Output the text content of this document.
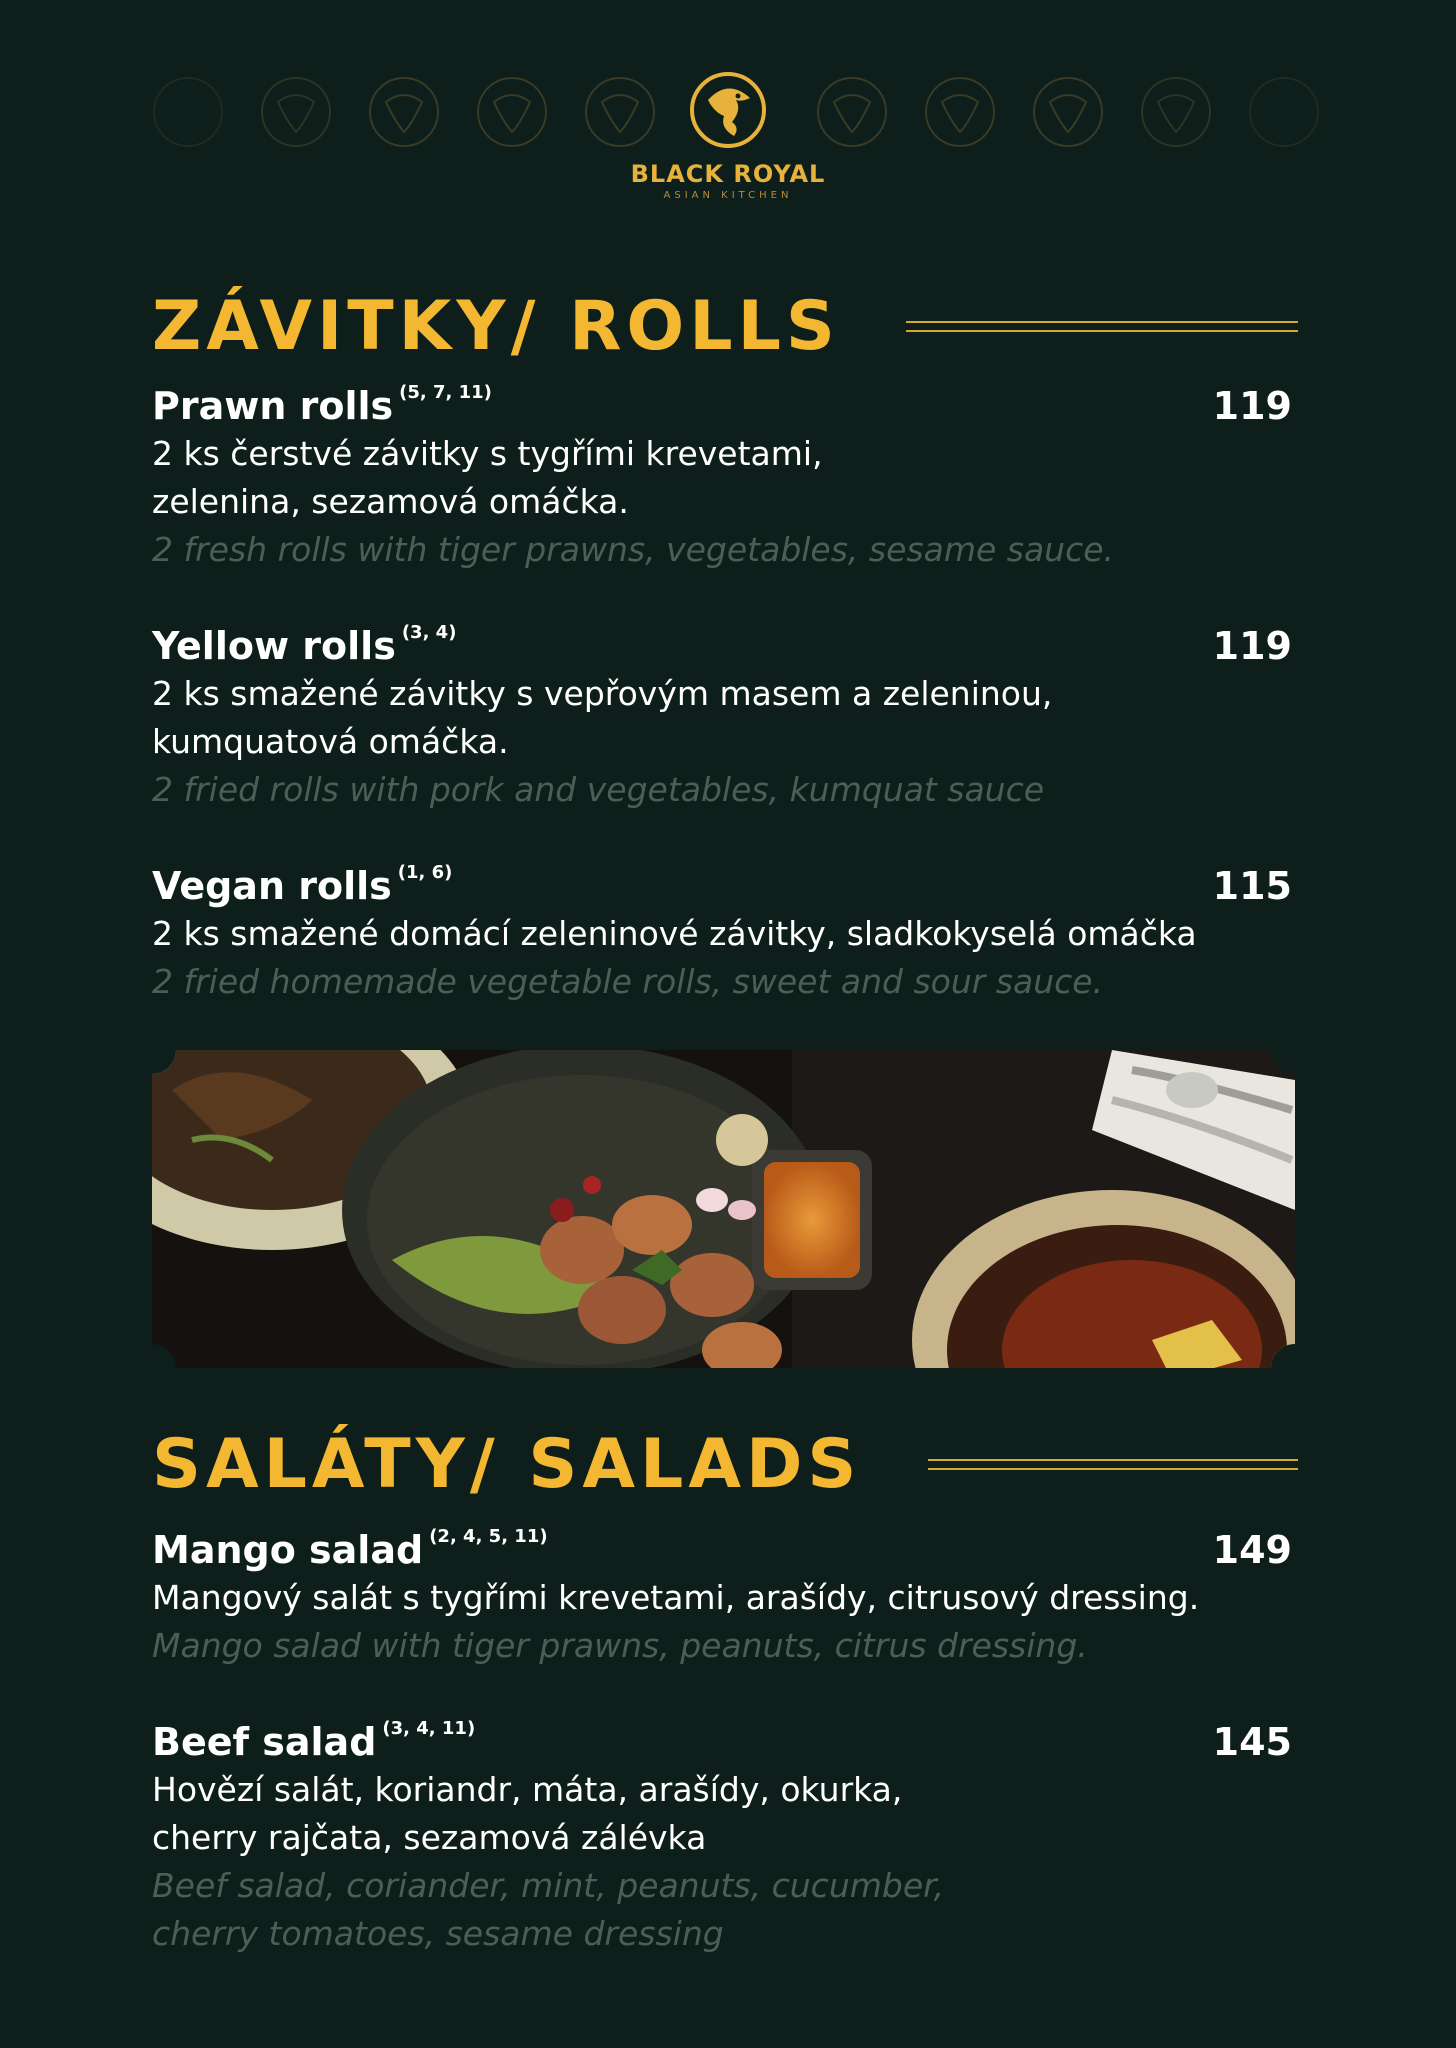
BLACK ROYAL
ASIAN KITCHEN
ZÁVITKY/ ROLLS
Prawn rolls $^{(5, 7, 11)}$	119
2 ks čerstvé závitky s tygřími krevetami,
zelenina, sezamová omáčka.
2 fresh rolls with tiger prawns, vegetables, sesame sauce.
Yellow rolls $^{(3, 4)}$	119
2 ks smažené závitky s vepřovým masem a zeleninou,
kumquatová omáčka.
2 fried rolls with pork and vegetables, kumquat sauce
Vegan rolls $^{(1, 6)}$	115
2 ks smažené domácí zeleninové závitky, sladkokyselá omáčka
2 fried homemade vegetable rolls, sweet and sour sauce.
SALÁTY/ SALADS
Mango salad $^{(2, 4, 5, 11)}$	149
Mangový salát s tygřími krevetami, arašídy, citrusový dressing.
Mango salad with tiger prawns, peanuts, citrus dressing.
Beef salad $^{(3, 4, 11)}$	145
Hovězí salát, koriandr, máta, arašídy, okurka,
cherry rajčata, sezamová zálévka
Beef salad, coriander, mint, peanuts, cucumber,
cherry tomatoes, sesame dressing
